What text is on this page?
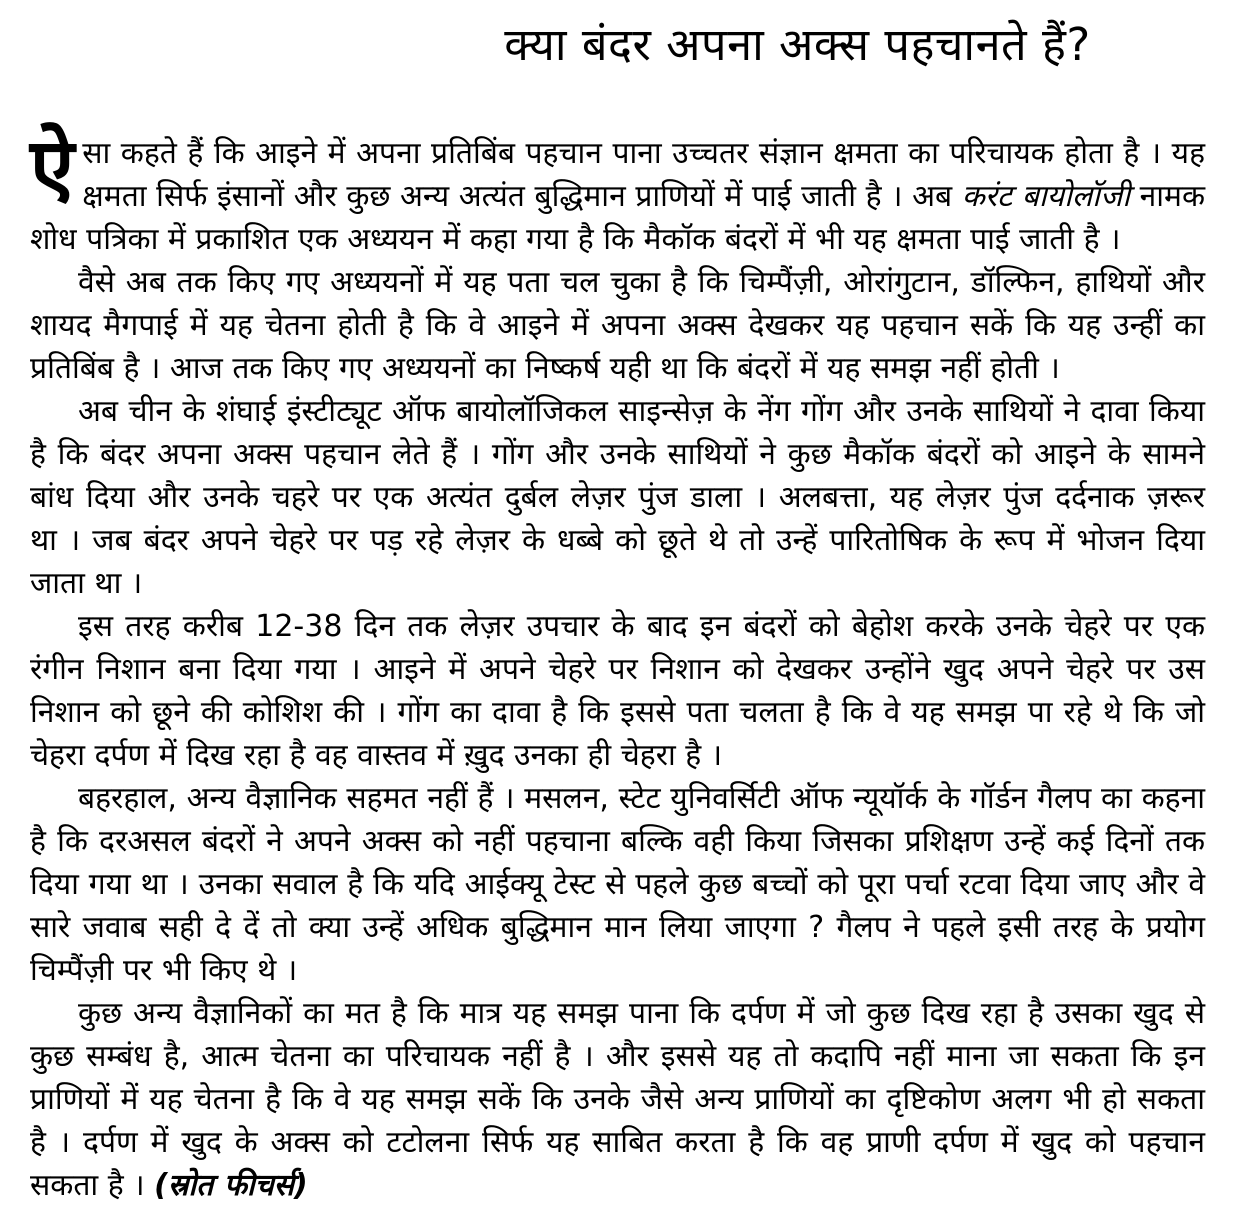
क्या बंदर अपना अक्स पहचानते हैं?

ऐसा कहते हैं कि आइने में अपना प्रतिबिंब पहचान पाना उच्चतर संज्ञान क्षमता का परिचायक होता है । यह क्षमता सिर्फ इंसानों और कुछ अन्य अत्यंत बुद्धिमान प्राणियों में पाई जाती है । अब करंट बायोलॉजी नामक शोध पत्रिका में प्रकाशित एक अध्ययन में कहा गया है कि मैकॉक बंदरों में भी यह क्षमता पाई जाती है ।

वैसे अब तक किए गए अध्ययनों में यह पता चल चुका है कि चिम्पैंज़ी, ओरांगुटान, डॉल्फिन, हाथियों और शायद मैगपाई में यह चेतना होती है कि वे आइने में अपना अक्स देखकर यह पहचान सकें कि यह उन्हीं का प्रतिबिंब है । आज तक किए गए अध्ययनों का निष्कर्ष यही था कि बंदरों में यह समझ नहीं होती ।

अब चीन के शंघाई इंस्टीट्यूट ऑफ बायोलॉजिकल साइन्सेज़ के नेंग गोंग और उनके साथियों ने दावा किया है कि बंदर अपना अक्स पहचान लेते हैं । गोंग और उनके साथियों ने कुछ मैकॉक बंदरों को आइने के सामने बांध दिया और उनके चहरे पर एक अत्यंत दुर्बल लेज़र पुंज डाला । अलबत्ता, यह लेज़र पुंज दर्दनाक ज़रूर था । जब बंदर अपने चेहरे पर पड़ रहे लेज़र के धब्बे को छूते थे तो उन्हें पारितोषिक के रूप में भोजन दिया जाता था ।

इस तरह करीब 12-38 दिन तक लेज़र उपचार के बाद इन बंदरों को बेहोश करके उनके चेहरे पर एक रंगीन निशान बना दिया गया । आइने में अपने चेहरे पर निशान को देखकर उन्होंने खुद अपने चेहरे पर उस निशान को छूने की कोशिश की । गोंग का दावा है कि इससे पता चलता है कि वे यह समझ पा रहे थे कि जो चेहरा दर्पण में दिख रहा है वह वास्तव में ख़ुद उनका ही चेहरा है ।

बहरहाल, अन्य वैज्ञानिक सहमत नहीं हैं । मसलन, स्टेट युनिवर्सिटी ऑफ न्यूयॉर्क के गॉर्डन गैलप का कहना है कि दरअसल बंदरों ने अपने अक्स को नहीं पहचाना बल्कि वही किया जिसका प्रशिक्षण उन्हें कई दिनों तक दिया गया था । उनका सवाल है कि यदि आईक्यू टेस्ट से पहले कुछ बच्चों को पूरा पर्चा रटवा दिया जाए और वे सारे जवाब सही दे दें तो क्या उन्हें अधिक बुद्धिमान मान लिया जाएगा ? गैलप ने पहले इसी तरह के प्रयोग चिम्पैंज़ी पर भी किए थे ।

कुछ अन्य वैज्ञानिकों का मत है कि मात्र यह समझ पाना कि दर्पण में जो कुछ दिख रहा है उसका खुद से कुछ सम्बंध है, आत्म चेतना का परिचायक नहीं है । और इससे यह तो कदापि नहीं माना जा सकता कि इन प्राणियों में यह चेतना है कि वे यह समझ सकें कि उनके जैसे अन्य प्राणियों का दृष्टिकोण अलग भी हो सकता है । दर्पण में खुद के अक्स को टटोलना सिर्फ यह साबित करता है कि वह प्राणी दर्पण में खुद को पहचान सकता है । (स्रोत फीचर्स)
